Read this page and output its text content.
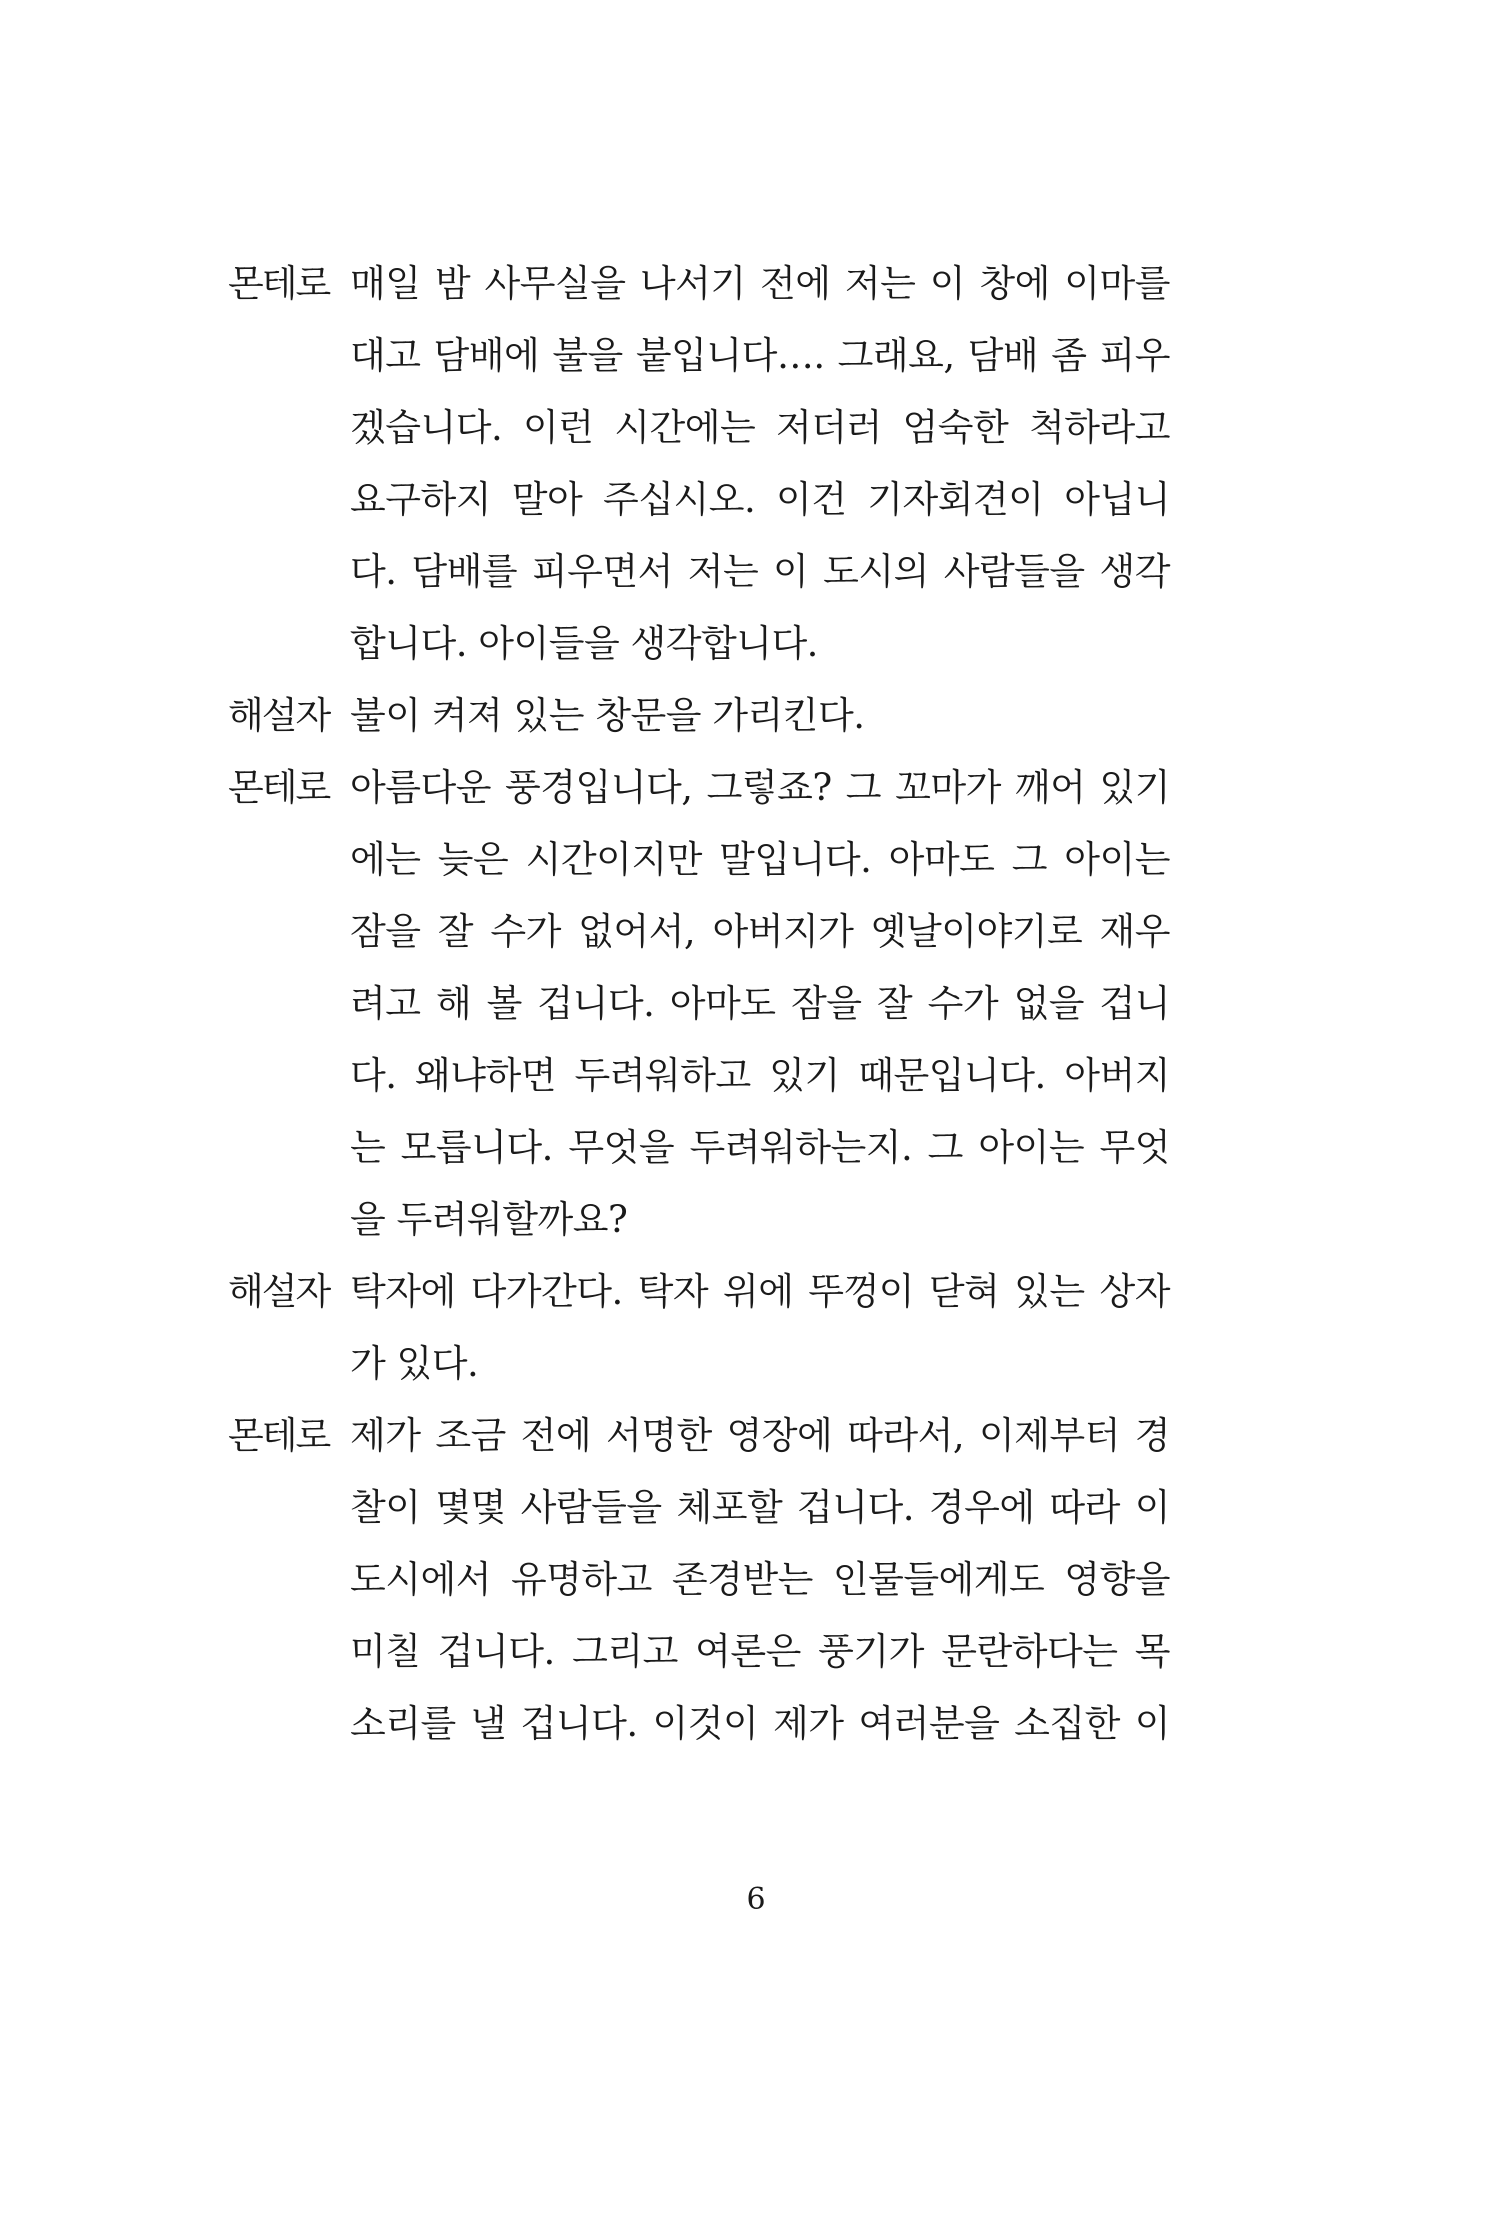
몬테로 매일 밤 사무실을 나서기 전에 저는 이 창에 이마를
대고 담배에 불을 붙입니다…. 그래요, 담배 좀 피우
겠습니다. 이런 시간에는 저더러 엄숙한 척하라고
요구하지 말아 주십시오. 이건 기자회견이 아닙니
다. 담배를 피우면서 저는 이 도시의 사람들을 생각
합니다. 아이들을 생각합니다.
해설자 불이 켜져 있는 창문을 가리킨다.
몬테로 아름다운 풍경입니다, 그렇죠? 그 꼬마가 깨어 있기
에는 늦은 시간이지만 말입니다. 아마도 그 아이는
잠을 잘 수가 없어서, 아버지가 옛날이야기로 재우
려고 해 볼 겁니다. 아마도 잠을 잘 수가 없을 겁니
다. 왜냐하면 두려워하고 있기 때문입니다. 아버지
는 모릅니다. 무엇을 두려워하는지. 그 아이는 무엇
을 두려워할까요?
해설자 탁자에 다가간다. 탁자 위에 뚜껑이 닫혀 있는 상자
가 있다.
몬테로 제가 조금 전에 서명한 영장에 따라서, 이제부터 경
찰이 몇몇 사람들을 체포할 겁니다. 경우에 따라 이
도시에서 유명하고 존경받는 인물들에게도 영향을
미칠 겁니다. 그리고 여론은 풍기가 문란하다는 목
소리를 낼 겁니다. 이것이 제가 여러분을 소집한 이
6
